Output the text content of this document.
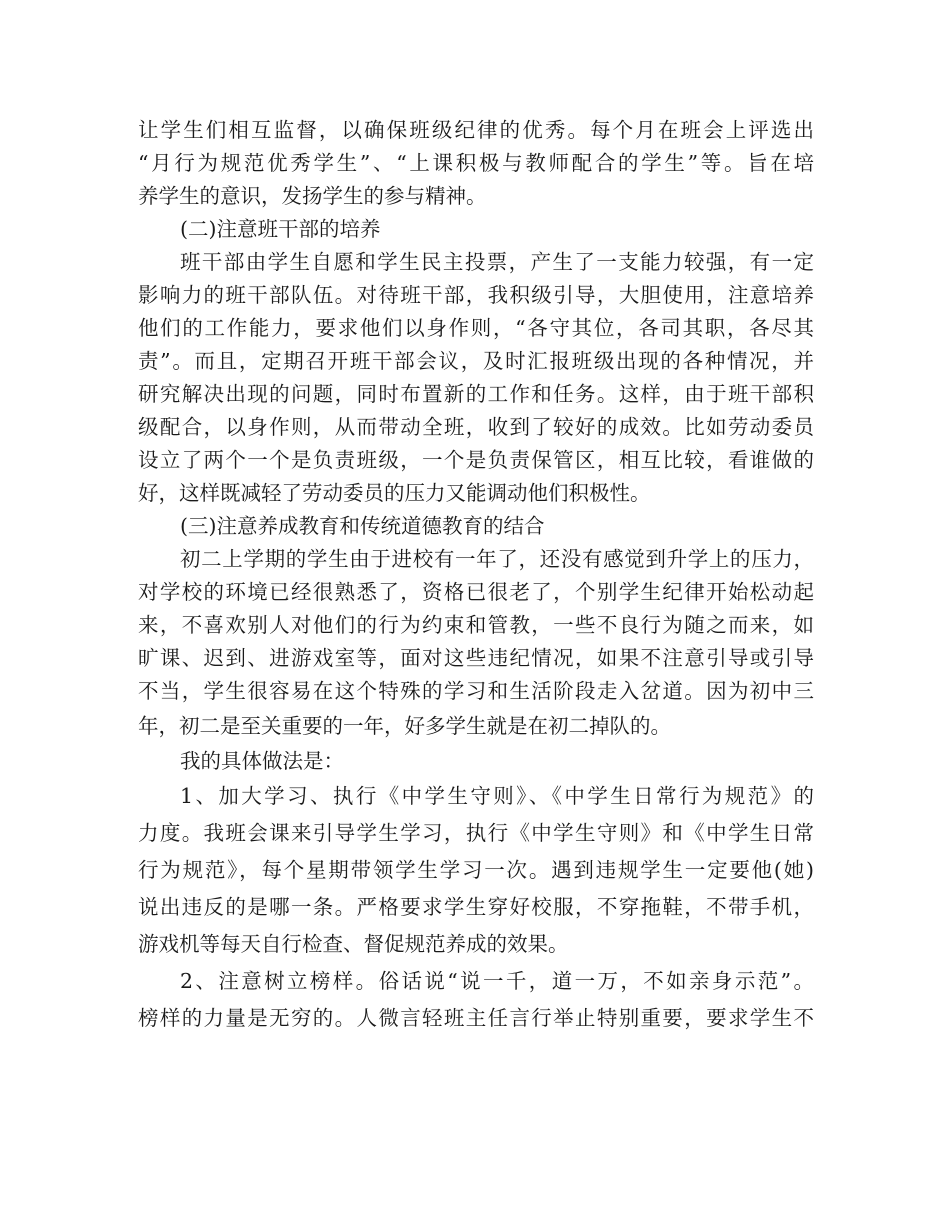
让学生们相互监督，以确保班级纪律的优秀。每个月在班会上评选出
“月行为规范优秀学生”、“上课积极与教师配合的学生”等。旨在培
养学生的意识，发扬学生的参与精神。
(二)注意班干部的培养
班干部由学生自愿和学生民主投票，产生了一支能力较强，有一定
影响力的班干部队伍。对待班干部，我积级引导，大胆使用，注意培养
他们的工作能力，要求他们以身作则，“各守其位，各司其职，各尽其
责”。而且，定期召开班干部会议，及时汇报班级出现的各种情况，并
研究解决出现的问题，同时布置新的工作和任务。这样，由于班干部积
级配合，以身作则，从而带动全班，收到了较好的成效。比如劳动委员
设立了两个一个是负责班级，一个是负责保管区，相互比较，看谁做的
好，这样既减轻了劳动委员的压力又能调动他们积极性。
(三)注意养成教育和传统道德教育的结合
初二上学期的学生由于进校有一年了，还没有感觉到升学上的压力，
对学校的环境已经很熟悉了，资格已很老了，个别学生纪律开始松动起
来，不喜欢别人对他们的行为约束和管教，一些不良行为随之而来，如
旷课、迟到、进游戏室等，面对这些违纪情况，如果不注意引导或引导
不当，学生很容易在这个特殊的学习和生活阶段走入岔道。因为初中三
年，初二是至关重要的一年，好多学生就是在初二掉队的。
我的具体做法是：
1、加大学习、执行《中学生守则》、《中学生日常行为规范》的
力度。我班会课来引导学生学习，执行《中学生守则》和《中学生日常
行为规范》，每个星期带领学生学习一次。遇到违规学生一定要他(她)
说出违反的是哪一条。严格要求学生穿好校服，不穿拖鞋，不带手机，
游戏机等每天自行检查、督促规范养成的效果。
2、注意树立榜样。俗话说“说一千，道一万，不如亲身示范”。
榜样的力量是无穷的。人微言轻班主任言行举止特别重要，要求学生不
